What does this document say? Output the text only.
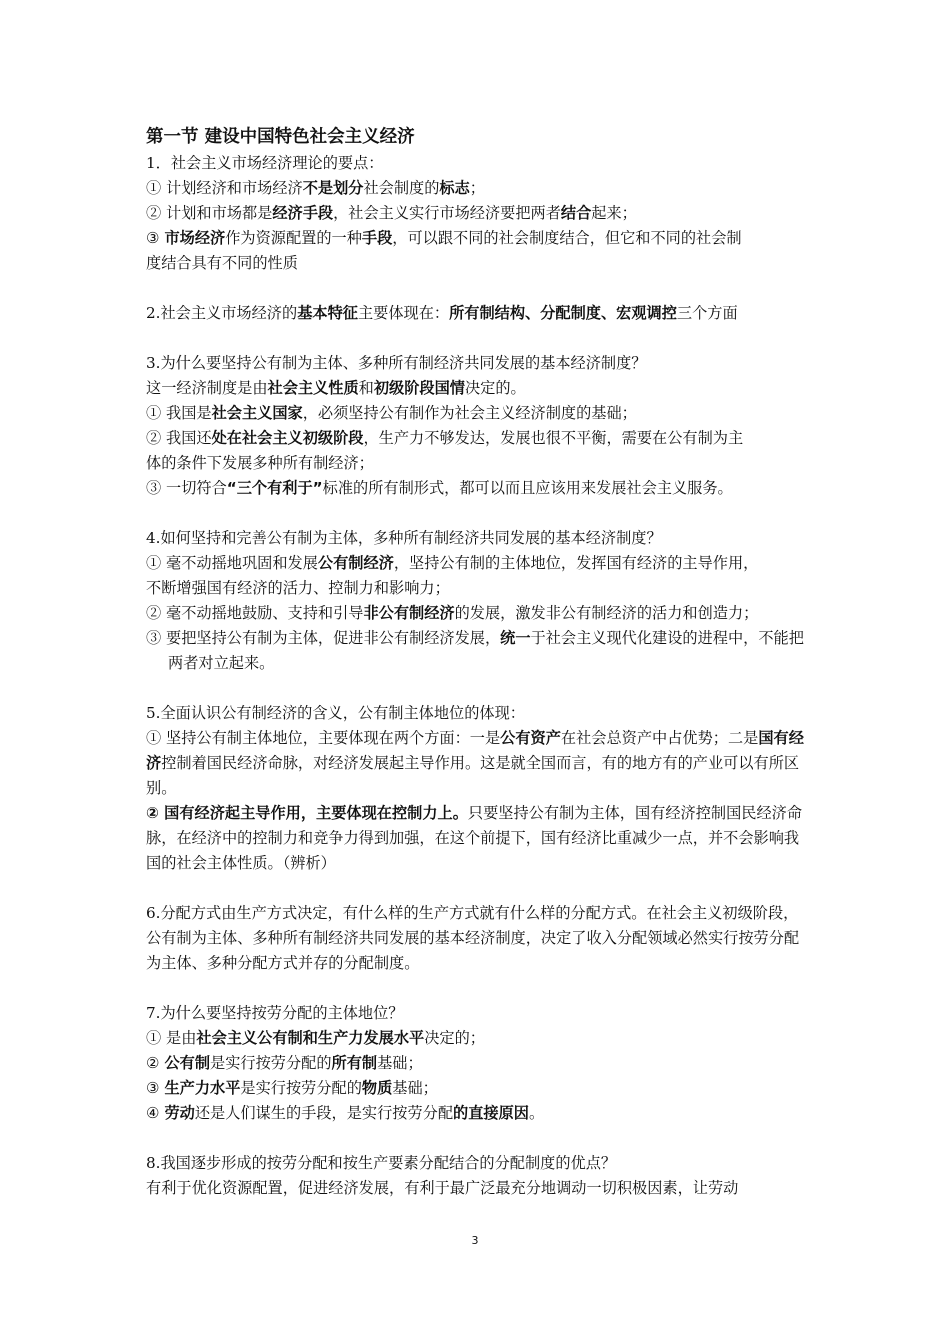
第一节 建设中国特色社会主义经济
1．社会主义市场经济理论的要点：
① 计划经济和市场经济不是划分社会制度的标志；
② 计划和市场都是经济手段，社会主义实行市场经济要把两者结合起来；
③ 市场经济作为资源配置的一种手段，可以跟不同的社会制度结合，但它和不同的社会制
度结合具有不同的性质
2.社会主义市场经济的基本特征主要体现在：所有制结构、分配制度、宏观调控三个方面
3.为什么要坚持公有制为主体、多种所有制经济共同发展的基本经济制度？
这一经济制度是由社会主义性质和初级阶段国情决定的。
① 我国是社会主义国家，必须坚持公有制作为社会主义经济制度的基础；
② 我国还处在社会主义初级阶段，生产力不够发达，发展也很不平衡，需要在公有制为主
体的条件下发展多种所有制经济；
③ 一切符合“三个有利于”标准的所有制形式，都可以而且应该用来发展社会主义服务。
4.如何坚持和完善公有制为主体，多种所有制经济共同发展的基本经济制度？
① 毫不动摇地巩固和发展公有制经济，坚持公有制的主体地位，发挥国有经济的主导作用，
不断增强国有经济的活力、控制力和影响力；
② 毫不动摇地鼓励、支持和引导非公有制经济的发展，激发非公有制经济的活力和创造力；
③ 要把坚持公有制为主体，促进非公有制经济发展，统一于社会主义现代化建设的进程中，不能把两者对立起来。
5.全面认识公有制经济的含义，公有制主体地位的体现：
① 坚持公有制主体地位，主要体现在两个方面：一是公有资产在社会总资产中占优势；二是国有经济控制着国民经济命脉，对经济发展起主导作用。这是就全国而言，有的地方有的产业可以有所区别。
② 国有经济起主导作用，主要体现在控制力上。只要坚持公有制为主体，国有经济控制国民经济命脉，在经济中的控制力和竞争力得到加强，在这个前提下，国有经济比重减少一点，并不会影响我国的社会主体性质。（辨析）
6.分配方式由生产方式决定，有什么样的生产方式就有什么样的分配方式。在社会主义初级阶段，公有制为主体、多种所有制经济共同发展的基本经济制度，决定了收入分配领域必然实行按劳分配为主体、多种分配方式并存的分配制度。
7.为什么要坚持按劳分配的主体地位？
① 是由社会主义公有制和生产力发展水平决定的；
② 公有制是实行按劳分配的所有制基础；
③ 生产力水平是实行按劳分配的物质基础；
④ 劳动还是人们谋生的手段，是实行按劳分配的直接原因。
8.我国逐步形成的按劳分配和按生产要素分配结合的分配制度的优点？
有利于优化资源配置，促进经济发展，有利于最广泛最充分地调动一切积极因素，让劳动
3
